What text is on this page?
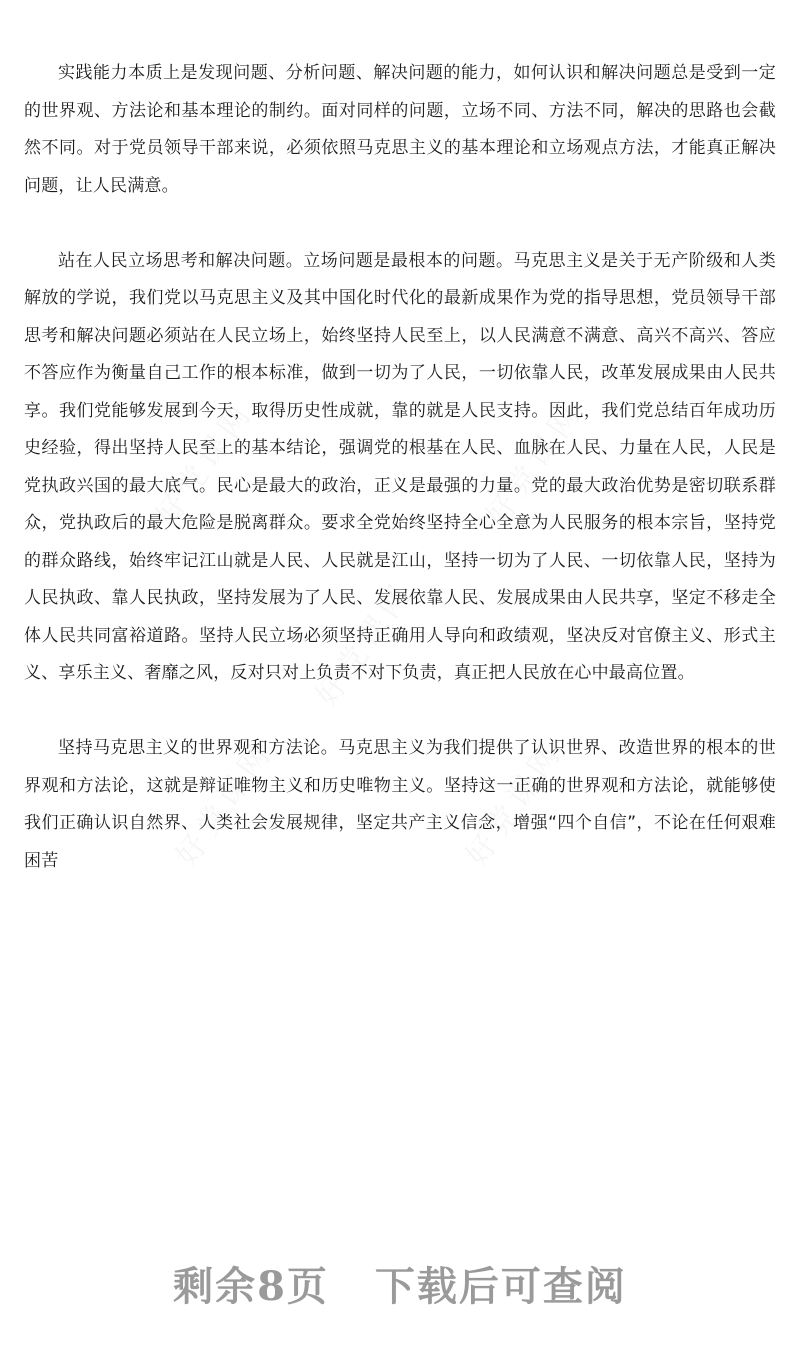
实践能力本质上是发现问题、分析问题、解决问题的能力，如何认识和解决问题总是受到一定的世界观、方法论和基本理论的制约。面对同样的问题，立场不同、方法不同，解决的思路也会截然不同。对于党员领导干部来说，必须依照马克思主义的基本理论和立场观点方法，才能真正解决问题，让人民满意。

站在人民立场思考和解决问题。立场问题是最根本的问题。马克思主义是关于无产阶级和人类解放的学说，我们党以马克思主义及其中国化时代化的最新成果作为党的指导思想，党员领导干部思考和解决问题必须站在人民立场上，始终坚持人民至上，以人民满意不满意、高兴不高兴、答应不答应作为衡量自己工作的根本标准，做到一切为了人民，一切依靠人民，改革发展成果由人民共享。我们党能够发展到今天，取得历史性成就，靠的就是人民支持。因此，我们党总结百年成功历史经验，得出坚持人民至上的基本结论，强调党的根基在人民、血脉在人民、力量在人民，人民是党执政兴国的最大底气。民心是最大的政治，正义是最强的力量。党的最大政治优势是密切联系群众，党执政后的最大危险是脱离群众。要求全党始终坚持全心全意为人民服务的根本宗旨，坚持党的群众路线，始终牢记江山就是人民、人民就是江山，坚持一切为了人民、一切依靠人民，坚持为人民执政、靠人民执政，坚持发展为了人民、发展依靠人民、发展成果由人民共享，坚定不移走全体人民共同富裕道路。坚持人民立场必须坚持正确用人导向和政绩观，坚决反对官僚主义、形式主义、享乐主义、奢靡之风，反对只对上负责不对下负责，真正把人民放在心中最高位置。

坚持马克思主义的世界观和方法论。马克思主义为我们提供了认识世界、改造世界的根本的世界观和方法论，这就是辩证唯物主义和历史唯物主义。坚持这一正确的世界观和方法论，就能够使我们正确认识自然界、人类社会发展规律，坚定共产主义信念，增强“四个自信”，不论在任何艰难困苦

剩余8页 下载后可查阅
